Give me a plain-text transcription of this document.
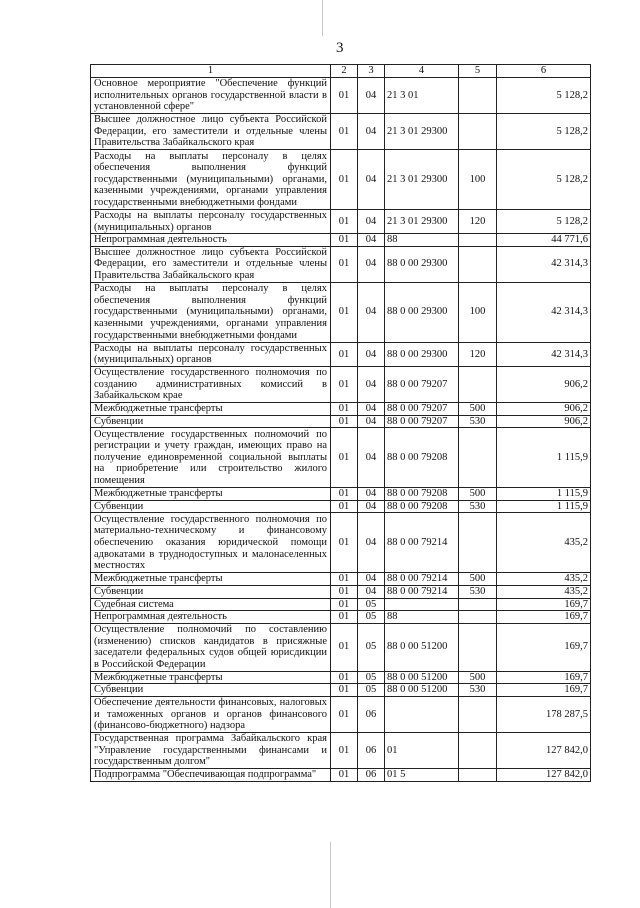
3
1	2	3	4	5	6
Основное мероприятие "Обеспечение функций исполнительных органов государственной власти в установленной сфере"	01	04	21 3 01		5 128,2
Высшее должностное лицо субъекта Российской Федерации, его заместители и отдельные члены Правительства Забайкальского края	01	04	21 3 01 29300		5 128,2
Расходы на выплаты персоналу в целях обеспечения выполнения функций государственными (муниципальными) органами, казенными учреждениями, органами управления государственными внебюджетными фондами	01	04	21 3 01 29300	100	5 128,2
Расходы на выплаты персоналу государственных (муниципальных) органов	01	04	21 3 01 29300	120	5 128,2
Непрограммная деятельность	01	04	88		44 771,6
Высшее должностное лицо субъекта Российской Федерации, его заместители и отдельные члены Правительства Забайкальского края	01	04	88 0 00 29300		42 314,3
Расходы на выплаты персоналу в целях обеспечения выполнения функций государственными (муниципальными) органами, казенными учреждениями, органами управления государственными внебюджетными фондами	01	04	88 0 00 29300	100	42 314,3
Расходы на выплаты персоналу государственных (муниципальных) органов	01	04	88 0 00 29300	120	42 314,3
Осуществление государственного полномочия по созданию административных комиссий в Забайкальском крае	01	04	88 0 00 79207		906,2
Межбюджетные трансферты	01	04	88 0 00 79207	500	906,2
Субвенции	01	04	88 0 00 79207	530	906,2
Осуществление государственных полномочий по регистрации и учету граждан, имеющих право на получение единовременной социальной выплаты на приобретение или строительство жилого помещения	01	04	88 0 00 79208		1 115,9
Межбюджетные трансферты	01	04	88 0 00 79208	500	1 115,9
Субвенции	01	04	88 0 00 79208	530	1 115,9
Осуществление государственного полномочия по материально-техническому и финансовому обеспечению оказания юридической помощи адвокатами в труднодоступных и малонаселенных местностях	01	04	88 0 00 79214		435,2
Межбюджетные трансферты	01	04	88 0 00 79214	500	435,2
Субвенции	01	04	88 0 00 79214	530	435,2
Судебная система	01	05			169,7
Непрограммная деятельность	01	05	88		169,7
Осуществление полномочий по составлению (изменению) списков кандидатов в присяжные заседатели федеральных судов общей юрисдикции в Российской Федерации	01	05	88 0 00 51200		169,7
Межбюджетные трансферты	01	05	88 0 00 51200	500	169,7
Субвенции	01	05	88 0 00 51200	530	169,7
Обеспечение деятельности финансовых, налоговых и таможенных органов и органов финансового (финансово-бюджетного) надзора	01	06			178 287,5
Государственная программа Забайкальского края "Управление государственными финансами и государственным долгом"	01	06	01		127 842,0
Подпрограмма "Обеспечивающая подпрограмма"	01	06	01 5		127 842,0
